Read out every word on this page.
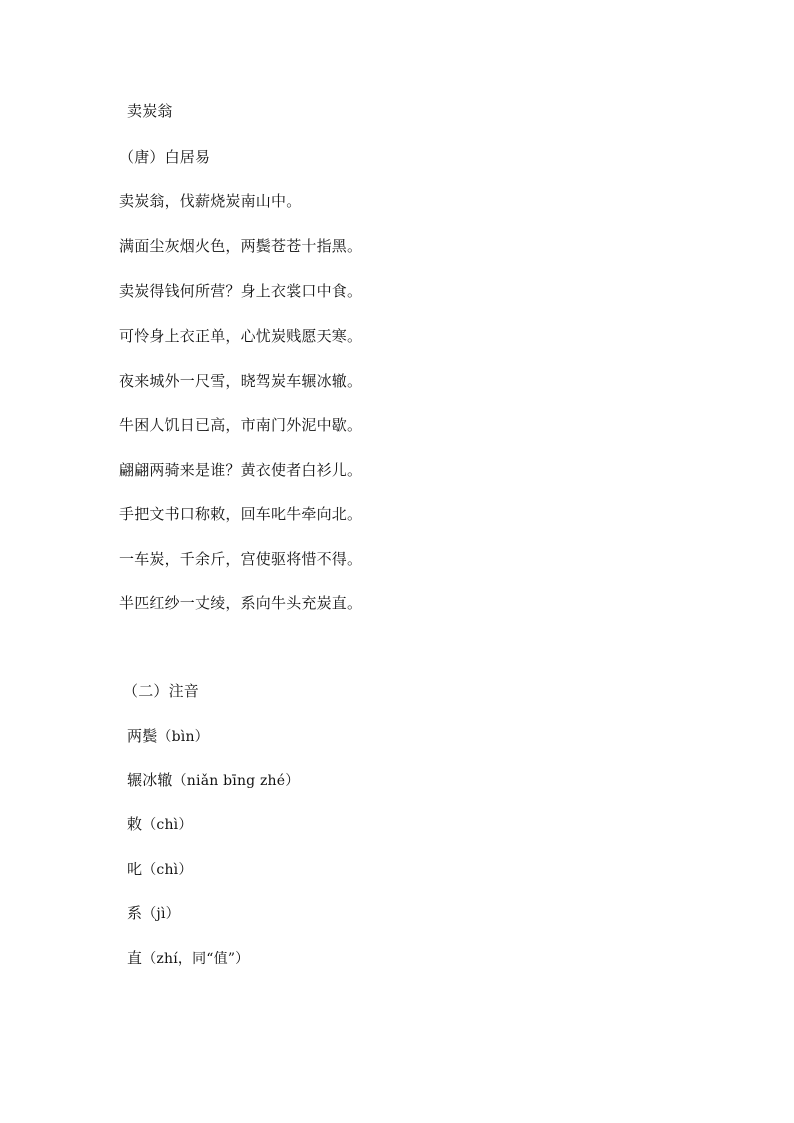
卖炭翁
（唐）白居易
卖炭翁，伐薪烧炭南山中。
满面尘灰烟火色，两鬓苍苍十指黑。
卖炭得钱何所营？身上衣裳口中食。
可怜身上衣正单，心忧炭贱愿天寒。
夜来城外一尺雪，晓驾炭车辗冰辙。
牛困人饥日已高，市南门外泥中歇。
翩翩两骑来是谁？黄衣使者白衫儿。
手把文书口称敕，回车叱牛牵向北。
一车炭，千余斤，宫使驱将惜不得。
半匹红纱一丈绫，系向牛头充炭直。
（二）注音
两鬓（bìn）
辗冰辙（niǎn bīng zhé）
敕（chì）
叱（chì）
系（jì）
直（zhí，同“值”）
